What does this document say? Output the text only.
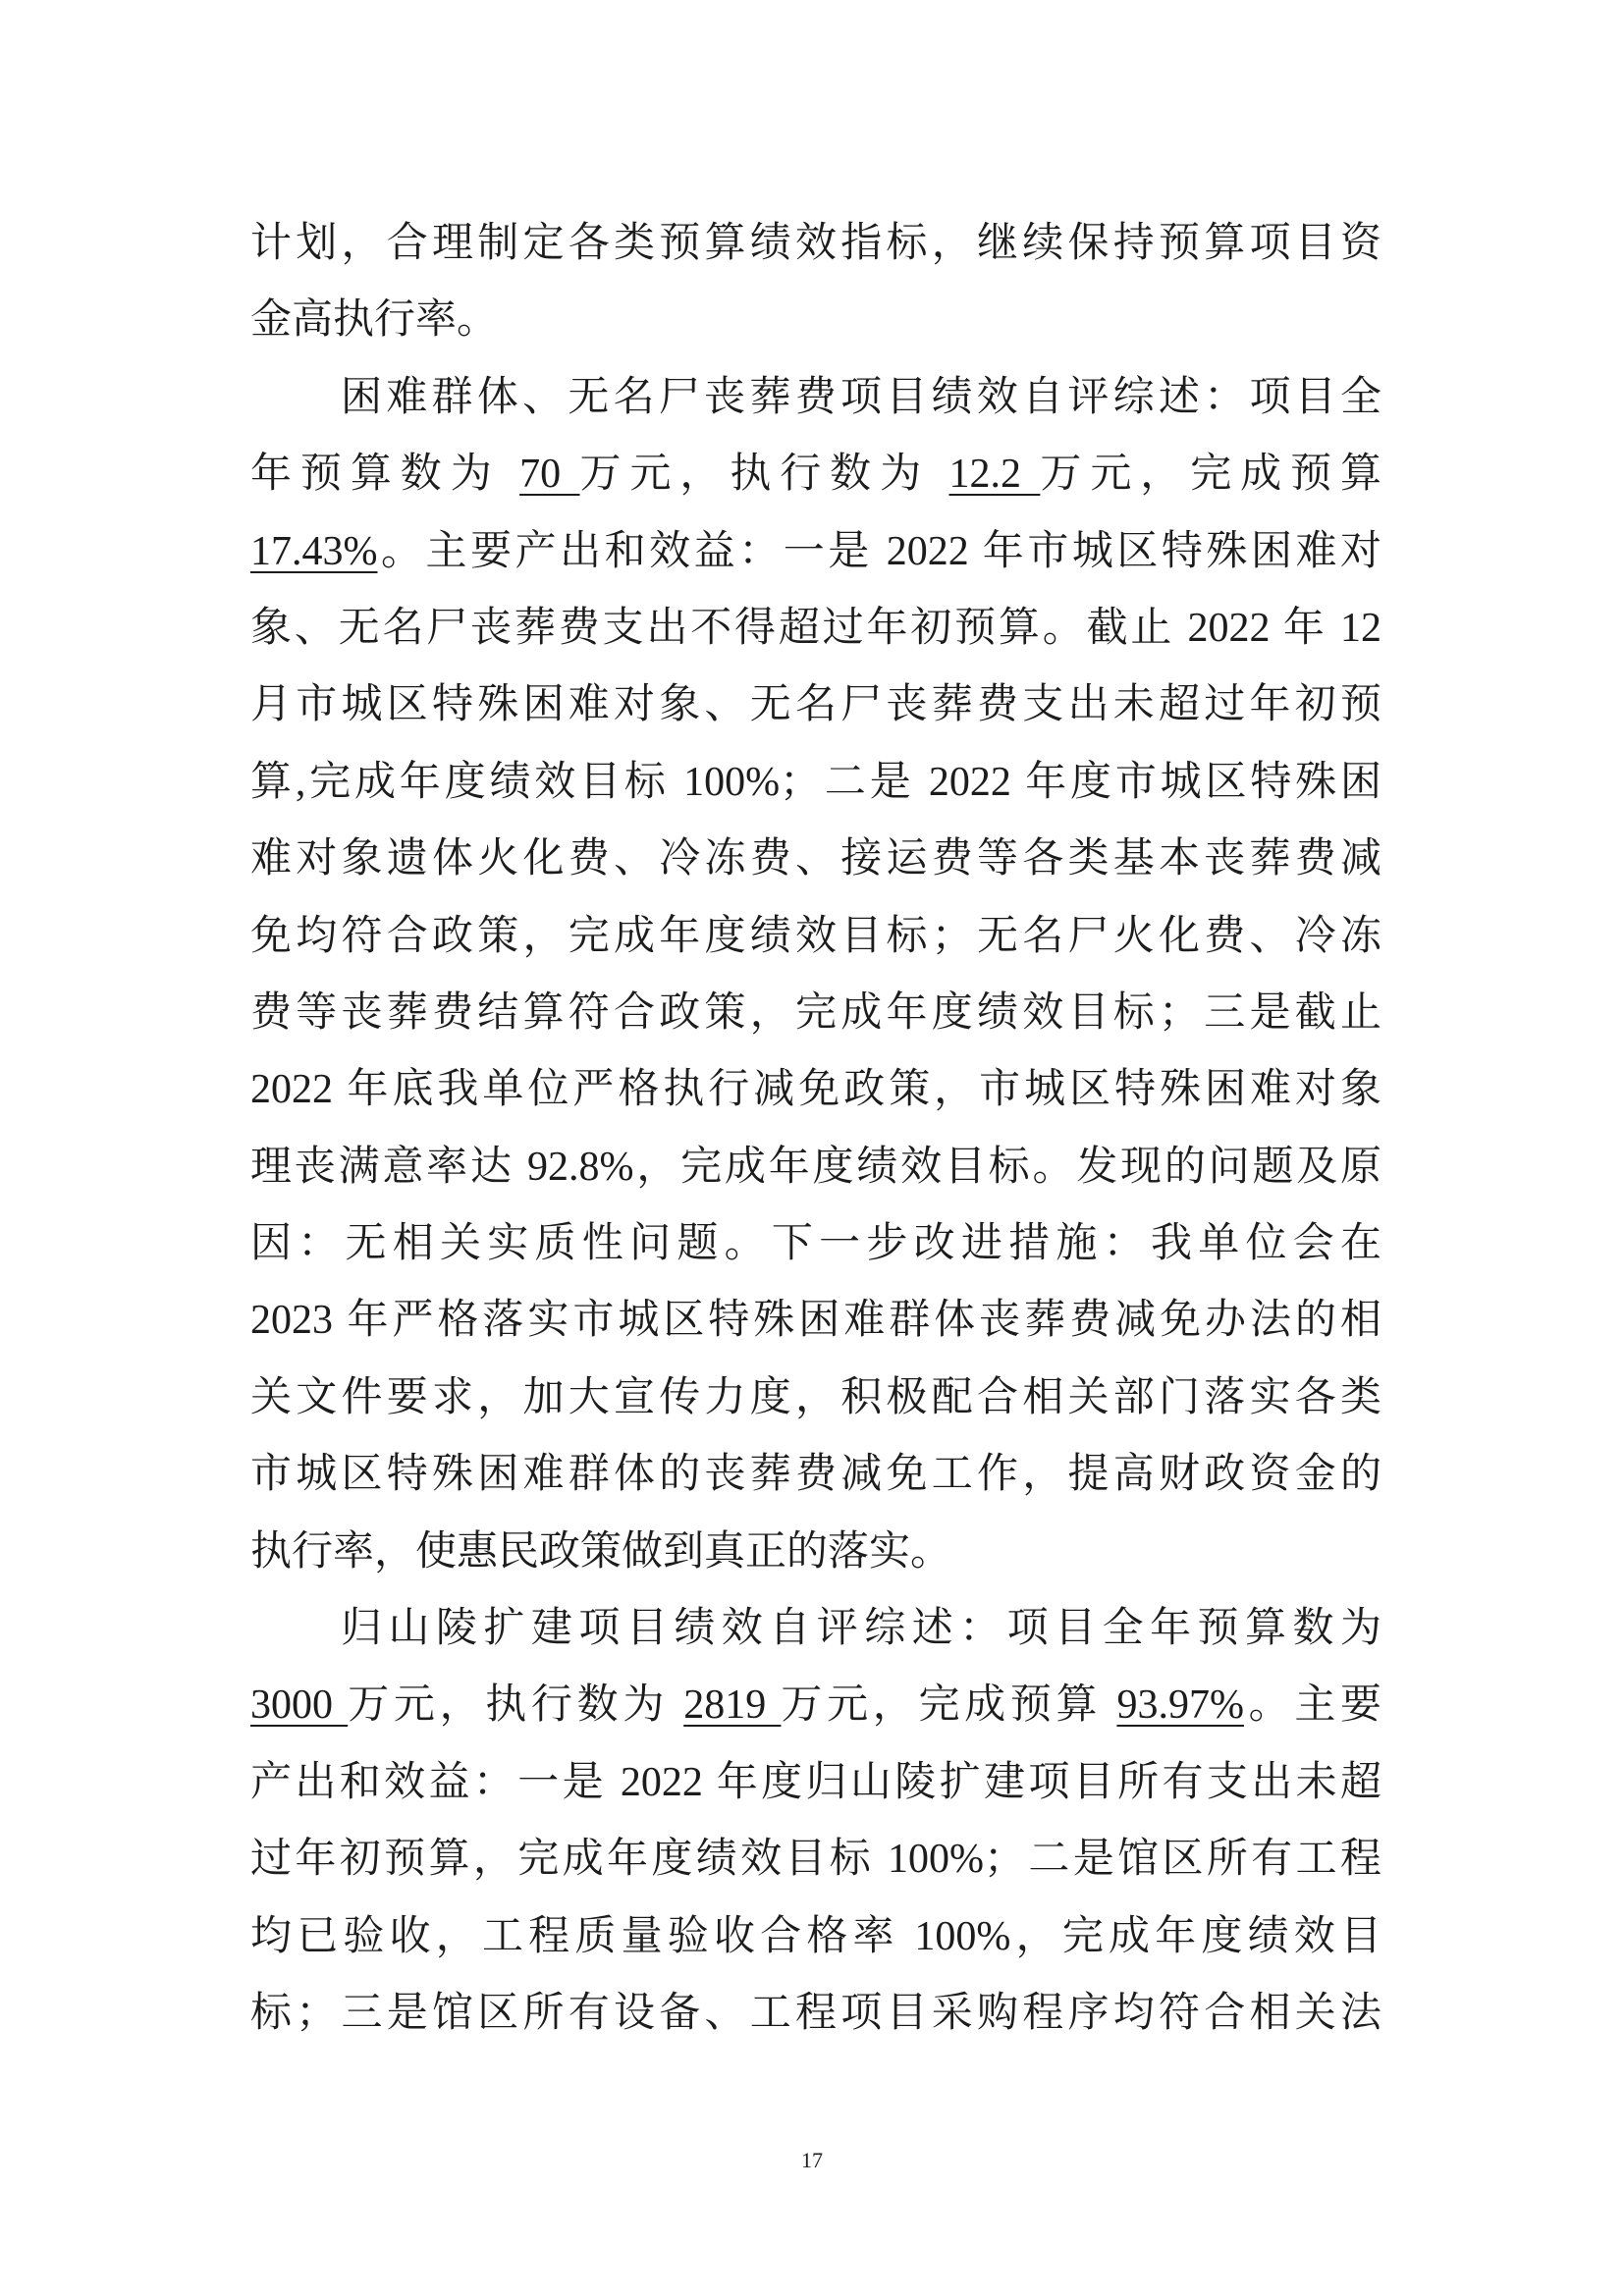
计划，合理制定各类预算绩效指标，继续保持预算项目资
金高执行率。
困难群体、无名尸丧葬费项目绩效自评综述：项目全
年预算数为 70 万元，执行数为 12.2 万元，完成预算
17.43%。主要产出和效益：一是 2022 年市城区特殊困难对
象、无名尸丧葬费支出不得超过年初预算。截止 2022 年 12
月市城区特殊困难对象、无名尸丧葬费支出未超过年初预
算,完成年度绩效目标 100%；二是 2022 年度市城区特殊困
难对象遗体火化费、冷冻费、接运费等各类基本丧葬费减
免均符合政策，完成年度绩效目标；无名尸火化费、冷冻
费等丧葬费结算符合政策，完成年度绩效目标；三是截止
2022 年底我单位严格执行减免政策，市城区特殊困难对象
理丧满意率达 92.8%，完成年度绩效目标。发现的问题及原
因：无相关实质性问题。下一步改进措施：我单位会在
2023 年严格落实市城区特殊困难群体丧葬费减免办法的相
关文件要求，加大宣传力度，积极配合相关部门落实各类
市城区特殊困难群体的丧葬费减免工作，提高财政资金的
执行率，使惠民政策做到真正的落实。
归山陵扩建项目绩效自评综述：项目全年预算数为
3000 万元，执行数为 2819 万元，完成预算 93.97%。主要
产出和效益：一是 2022 年度归山陵扩建项目所有支出未超
过年初预算，完成年度绩效目标 100%；二是馆区所有工程
均已验收，工程质量验收合格率 100%，完成年度绩效目
标；三是馆区所有设备、工程项目采购程序均符合相关法
17
